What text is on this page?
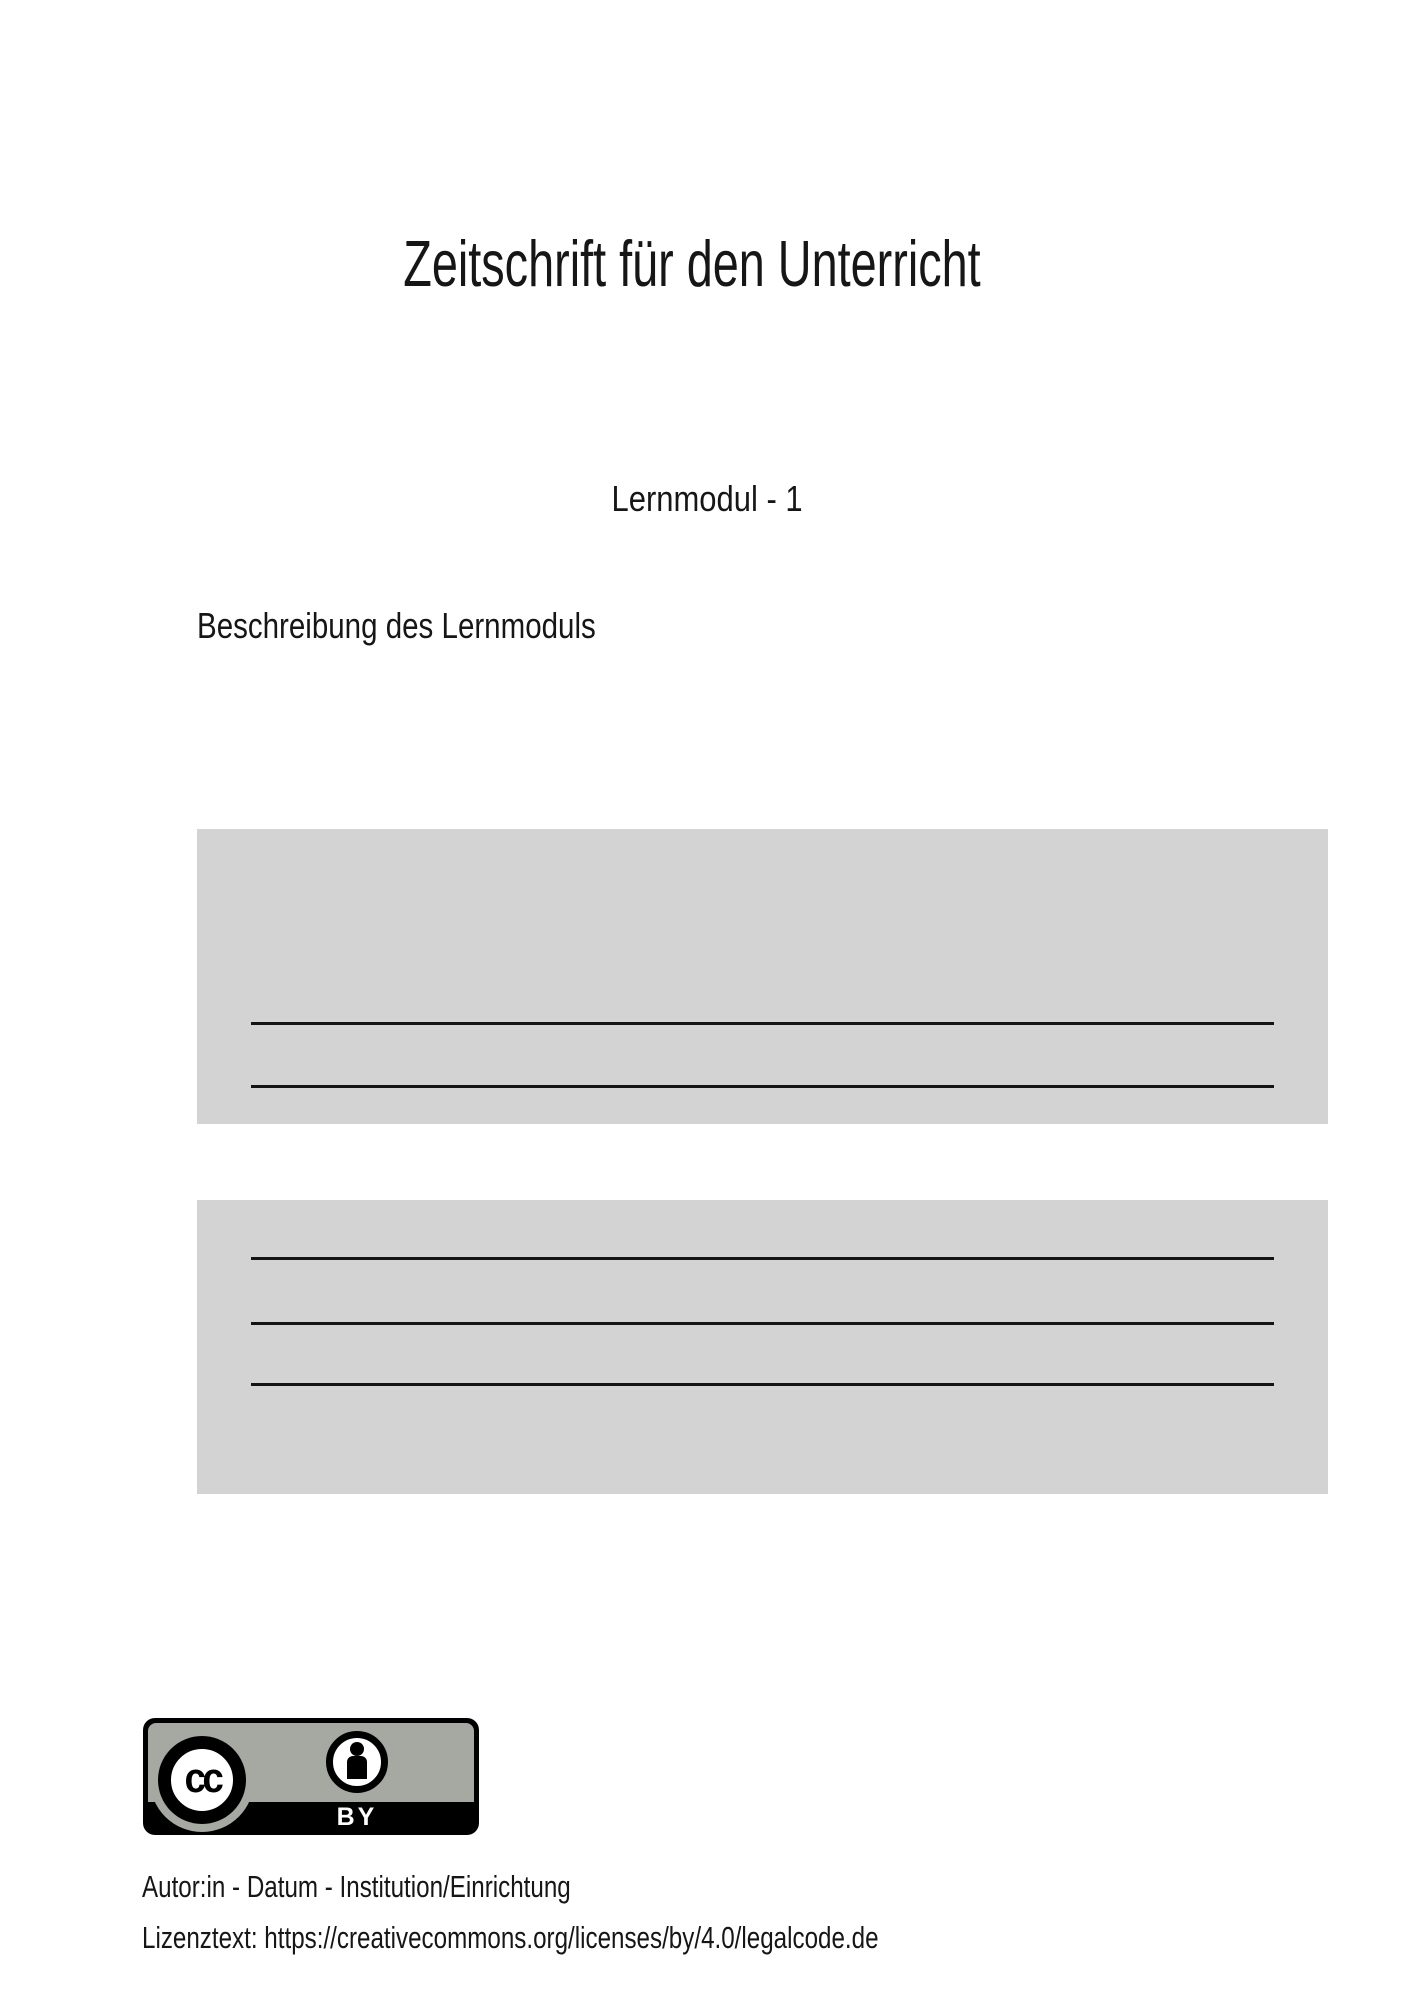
Zeitschrift für den Unterricht
Lernmodul - 1
Beschreibung des Lernmoduls
cc
BY
Autor:in - Datum - Institution/Einrichtung
Lizenztext: https://creativecommons.org/licenses/by/4.0/legalcode.de
